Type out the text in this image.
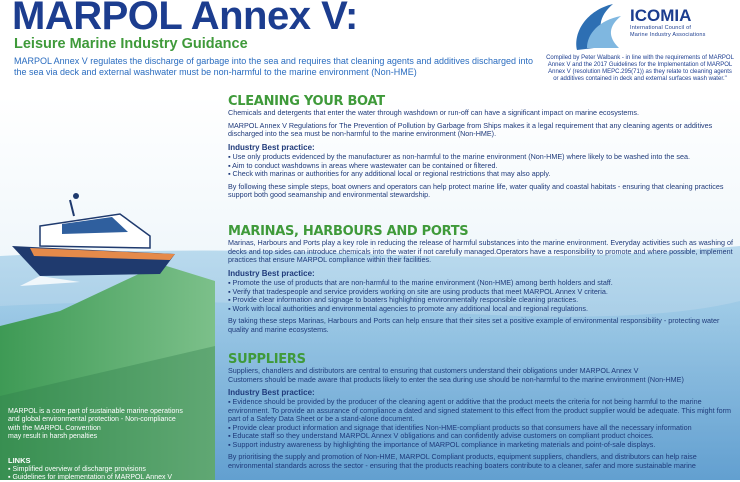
MARPOL Annex V:
Leisure Marine Industry Guidance
MARPOL Annex V regulates the discharge of garbage into the sea and requires that cleaning agents and additives discharged into the sea via deck and external washwater must be non-harmful to the marine environment (Non-HME)
ICOMIA
International Council of
Marine Industry Associations
Compiled by Peter Walbank - in line with the requirements of MARPOL Annex V and the 2017 Guidelines for the Implementation of MARPOL Annex V (resolution MEPC.295(71)) as they relate to cleaning agents or additives contained in deck and external surfaces wash water."

CLEANING YOUR BOAT

Chemicals and detergents that enter the water through washdown or run-off can have a significant impact on marine ecosystems.

MARPOL Annex V Regulations for The Prevention of Pollution by Garbage from Ships makes it a legal requirement that any cleaning agents or additives discharged into the sea must be non-harmful to the marine environment (Non-HME).

Industry Best practice:

▪ Use only products evidenced by the manufacturer as non-harmful to the marine environment (Non-HME) where likely to be washed into the sea.
▪ Aim to conduct washdowns in areas where wastewater can be contained or filtered.
▪ Check with marinas or authorities for any additional local or regional restrictions that may also apply.

By following these simple steps, boat owners and operators can help protect marine life, water quality and coastal habitats - ensuring that cleaning practices support both good seamanship and environmental stewardship.

MARINAS, HARBOURS AND PORTS

Marinas, Harbours and Ports play a key role in reducing the release of harmful substances into the marine environment. Everyday activities such as washing of decks and top sides can introduce chemicals into the water if not carefully managed.Operators have a responsibility to promote and where possible, implement practices that ensure MARPOL compliance within their facilities.

Industry Best practice:

▪ Promote the use of products that are non-harmful to the marine environment (Non-HME) among berth holders and staff.
▪ Verify that tradespeople and service providers working on site are using products that meet MARPOL Annex V criteria.
▪ Provide clear information and signage to boaters highlighting environmentally responsible cleaning practices.
▪ Work with local authorities and environmental agencies to promote any additional local and regional regulations.

By taking these steps Marinas, Harbours and Ports can help ensure that their sites set a positive example of environmental responsibility - protecting water quality and marine ecosystems.

SUPPLIERS

Suppliers, chandlers and distributors are central to ensuring that customers understand their obligations under MARPOL Annex V

Customers should be made aware that products likely to enter the sea during use should be non-harmful to the marine environment (Non-HME)

Industry Best practice:

▪ Evidence should be provided by the producer of the cleaning agent or additive that the product meets the criteria for not being harmful to the marine environment. To provide an assurance of compliance a dated and signed statement to this effect from the product supplier would be adequate. This might form part of a Safety Data Sheet or be a stand-alone document.
▪ Provide clear product information and signage that identifies Non-HME-compliant products so that consumers have all the necessary information
▪ Educate staff so they understand MARPOL Annex V obligations and can confidently advise customers on compliant product choices.
▪ Support industry awareness by highlighting the importance of MARPOL compliance in marketing materials and point-of-sale displays.

By prioritising the supply and promotion of Non-HME, MARPOL Compliant products, equipment suppliers, chandlers, and distributors can help raise environmental standards across the sector - ensuring that the products reaching boaters contribute to a cleaner, safer and more sustainable marine

MARPOL is a core part of sustainable marine operations
and global environmental protection - Non-compliance
with the MARPOL Convention
may result in harsh penalties
LINKS
▪ Simplified overview of discharge provisions
▪ Guidelines for implementation of MARPOL Annex V
